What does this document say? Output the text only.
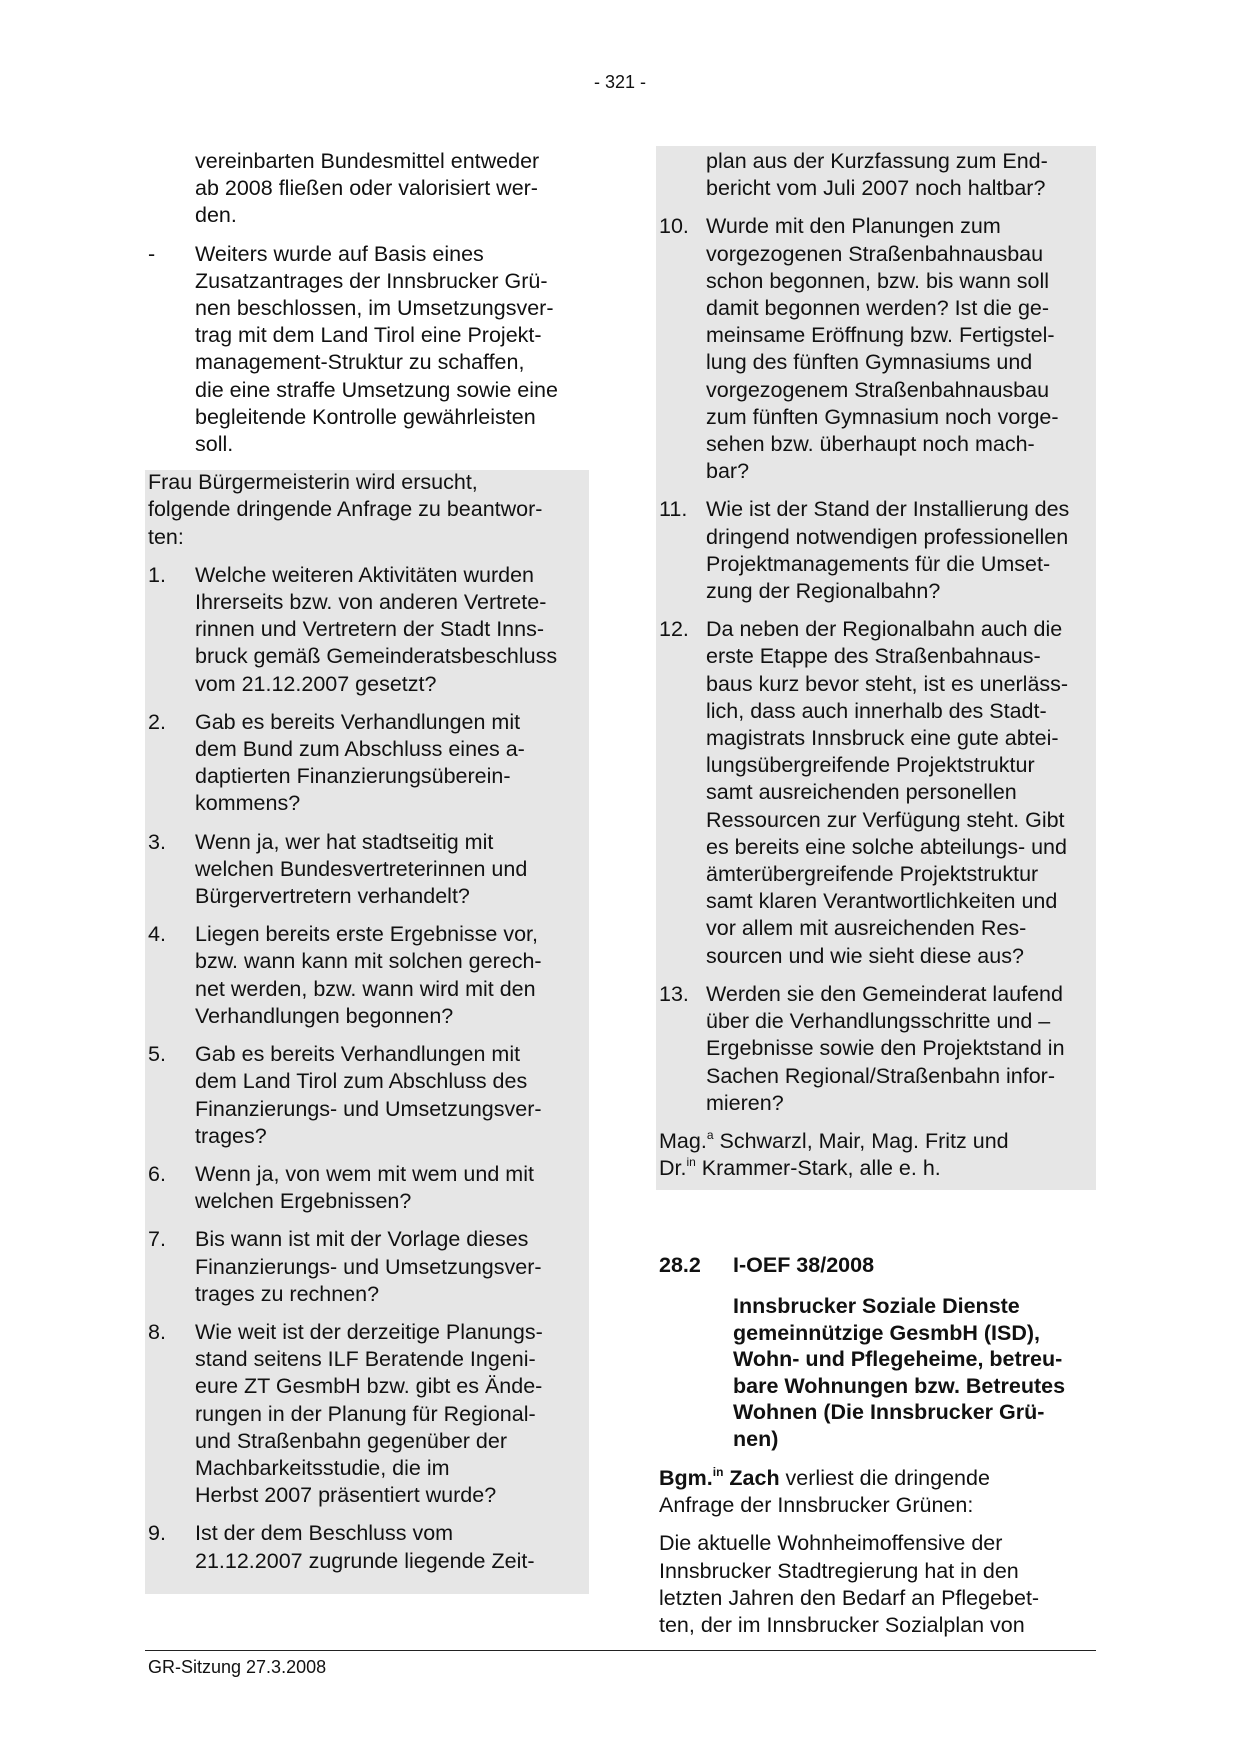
- 321 -
vereinbarten Bundesmittel entweder
ab 2008 fließen oder valorisiert wer-
den.
- Weiters wurde auf Basis eines
Zusatzantrages der Innsbrucker Grü-
nen beschlossen, im Umsetzungsver-
trag mit dem Land Tirol eine Projekt-
management-Struktur zu schaffen,
die eine straffe Umsetzung sowie eine
begleitende Kontrolle gewährleisten
soll.
Frau Bürgermeisterin wird ersucht,
folgende dringende Anfrage zu beantwor-
ten:
1. Welche weiteren Aktivitäten wurden
Ihrerseits bzw. von anderen Vertrete-
rinnen und Vertretern der Stadt Inns-
bruck gemäß Gemeinderatsbeschluss
vom 21.12.2007 gesetzt?
2. Gab es bereits Verhandlungen mit
dem Bund zum Abschluss eines a-
daptierten Finanzierungsüberein-
kommens?
3. Wenn ja, wer hat stadtseitig mit
welchen Bundesvertreterinnen und
Bürgervertretern verhandelt?
4. Liegen bereits erste Ergebnisse vor,
bzw. wann kann mit solchen gerech-
net werden, bzw. wann wird mit den
Verhandlungen begonnen?
5. Gab es bereits Verhandlungen mit
dem Land Tirol zum Abschluss des
Finanzierungs- und Umsetzungsver-
trages?
6. Wenn ja, von wem mit wem und mit
welchen Ergebnissen?
7. Bis wann ist mit der Vorlage dieses
Finanzierungs- und Umsetzungsver-
trages zu rechnen?
8. Wie weit ist der derzeitige Planungs-
stand seitens ILF Beratende Ingeni-
eure ZT GesmbH bzw. gibt es Ände-
rungen in der Planung für Regional-
und Straßenbahn gegenüber der
Machbarkeitsstudie, die im
Herbst 2007 präsentiert wurde?
9. Ist der dem Beschluss vom
21.12.2007 zugrunde liegende Zeit-
plan aus der Kurzfassung zum End-
bericht vom Juli 2007 noch haltbar?
10. Wurde mit den Planungen zum
vorgezogenen Straßenbahnausbau
schon begonnen, bzw. bis wann soll
damit begonnen werden? Ist die ge-
meinsame Eröffnung bzw. Fertigstel-
lung des fünften Gymnasiums und
vorgezogenem Straßenbahnausbau
zum fünften Gymnasium noch vorge-
sehen bzw. überhaupt noch mach-
bar?
11. Wie ist der Stand der Installierung des
dringend notwendigen professionellen
Projektmanagements für die Umset-
zung der Regionalbahn?
12. Da neben der Regionalbahn auch die
erste Etappe des Straßenbahnaus-
baus kurz bevor steht, ist es unerläss-
lich, dass auch innerhalb des Stadt-
magistrats Innsbruck eine gute abtei-
lungsübergreifende Projektstruktur
samt ausreichenden personellen
Ressourcen zur Verfügung steht. Gibt
es bereits eine solche abteilungs- und
ämterübergreifende Projektstruktur
samt klaren Verantwortlichkeiten und
vor allem mit ausreichenden Res-
sourcen und wie sieht diese aus?
13. Werden sie den Gemeinderat laufend
über die Verhandlungsschritte und –
Ergebnisse sowie den Projektstand in
Sachen Regional/Straßenbahn infor-
mieren?
Mag.$^a$ Schwarzl, Mair, Mag. Fritz und
Dr.$^{in}$ Krammer-Stark, alle e. h.
28.2 I-OEF 38/2008
Innsbrucker Soziale Dienste
gemeinnützige GesmbH (ISD),
Wohn- und Pflegeheime, betreu-
bare Wohnungen bzw. Betreutes
Wohnen (Die Innsbrucker Grü-
nen)

Bgm.$^{in}$ Zach verliest die dringende
Anfrage der Innsbrucker Grünen:

Die aktuelle Wohnheimoffensive der
Innsbrucker Stadtregierung hat in den
letzten Jahren den Bedarf an Pflegebet-
ten, der im Innsbrucker Sozialplan von

GR-Sitzung 27.3.2008
